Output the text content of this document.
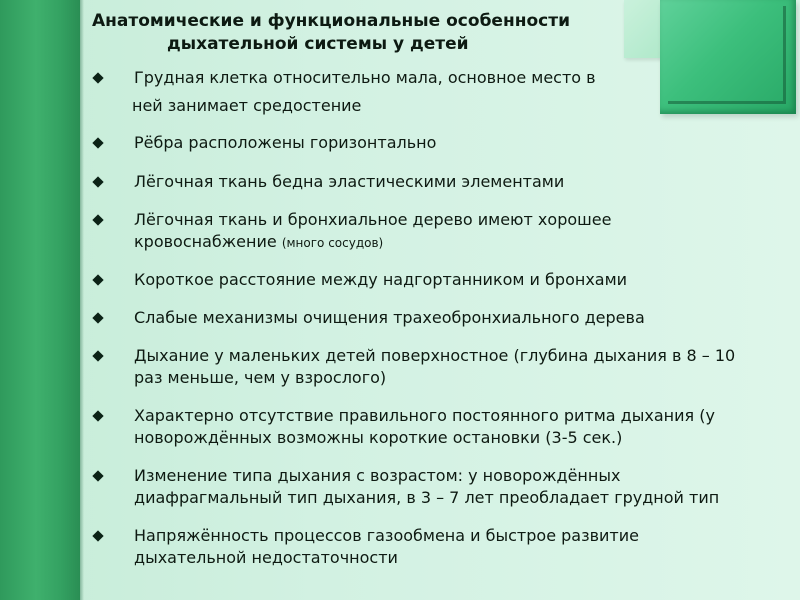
Анатомические и функциональные особенности
дыхательной системы у детей
Грудная клетка относительно мала, основное место в
ней занимает средостение
Рёбра расположены горизонтально
Лёгочная ткань бедна эластическими элементами
Лёгочная ткань и бронхиальное дерево имеют хорошее
кровоснабжение (много сосудов)
Короткое расстояние между надгортанником и бронхами
Слабые механизмы очищения трахеобронхиального дерева
Дыхание у маленьких детей поверхностное (глубина дыхания в 8 – 10
раз меньше, чем у взрослого)
Характерно отсутствие правильного постоянного ритма дыхания (у
новорождённых возможны короткие остановки (3-5 сек.)
Изменение типа дыхания с возрастом: у новорождённых
диафрагмальный тип дыхания, в 3 – 7 лет преобладает грудной тип
Напряжённость процессов газообмена и быстрое развитие
дыхательной недостаточности
